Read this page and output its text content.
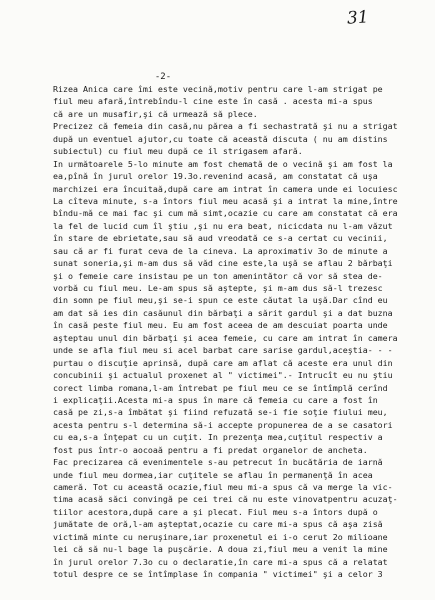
31
-2-
Rizea Anica care îmi este vecină,motiv pentru care l-am strigat pe
fiul meu afară,întrebîndu-l cine este în casă . acesta mi-a spus
că are un musafir,şi că urmează să plece.
Precizez că femeia din casă,nu părea a fi sechastrată şi nu a strigat
după un eventuel ajutor,cu toate că această discuta ( nu am distins
subiectul) cu fiul meu după ce il strigasem afară.
In următoarele 5-lo minute am fost chemată de o vecină şi am fost la
ea,pînă în jurul orelor 19.3o.revenind acasă, am constatat că uşa
marchizei era încuitaă,după care am intrat în camera unde ei locuiesc
La cîteva minute, s-a întors fiul meu acasă şi a intrat la mine,între
bîndu-mă ce mai fac şi cum mă simt,ocazie cu care am constatat că era
la fel de lucid cum îl ştiu ,şi nu era beat, nicicdata nu l-am văzut
în stare de ebrietate,sau să aud vreodată ce s-a certat cu vecinii,
sau că ar fi furat ceva de la cineva. La aproximativ 3o de minute a
sunat soneria,şi m-am dus să văd cine este,la uşă se aflau 2 bărbaţi
şi o femeie care insistau pe un ton amenintător că vor să stea de-
vorbă cu fiul meu. Le-am spus să aştepte, şi m-am dus să-l trezesc
din somn pe fiul meu,şi se-i spun ce este căutat la uşă.Dar cînd eu
am dat să ies din casăunul din bărbaţi a sărit gardul şi a dat buzna
în casă peste fiul meu. Eu am fost aceea de am descuiat poarta unde
aşteptau unul din bărbaţi şi acea femeie, cu care am intrat în camera
unde se afla fiul meu si acel barbat care sarise gardul,aceştia- - -
purtau o discuţie aprinsă, după care am aflat că aceste era unul din
concubinii şi actualul proxenet al " victimei".- Intrucît eu nu ştiu
corect limba romana,l-am întrebat pe fiul meu ce se întîmplă cerînd
i explicaţii.Acesta mi-a spus în mare că femeia cu care a fost în
casă pe zi,s-a îmbătat şi fiind refuzată se-i fie soţie fiului meu,
acesta pentru s-l determina să-i accepte propunerea de a se casatori
cu ea,s-a înţepat cu un cuţit. In prezenţa mea,cuţitul respectiv a
fost pus într-o aocoaă pentru a fi predat organelor de ancheta.
Fac precizarea că evenimentele s-au petrecut în bucătăria de iarnă
unde fiul meu dormea,iar cuţitele se aflau în permanenţă în acea
cameră. Tot cu această ocazie,fiul meu mi-a spus că va merge la vic-
tima acasă săci convingă pe cei trei că nu este vinovatpentru acuzaţ-
tiilor acestora,după care a şi plecat. Fiul meu s-a întors după o
jumătate de oră,l-am aşteptat,ocazie cu care mi-a spus că aşa zisă
victimă minte cu neruşinare,iar proxenetul ei i-o cerut 2o milioane
lei că să nu-l bage la puşcărie. A doua zi,fiul meu a venit la mine
în jurul orelor 7.3o cu o declaratie,în care mi-a spus că a relatat
totul despre ce se întîmplase în compania " victimei" şi a celor 3
